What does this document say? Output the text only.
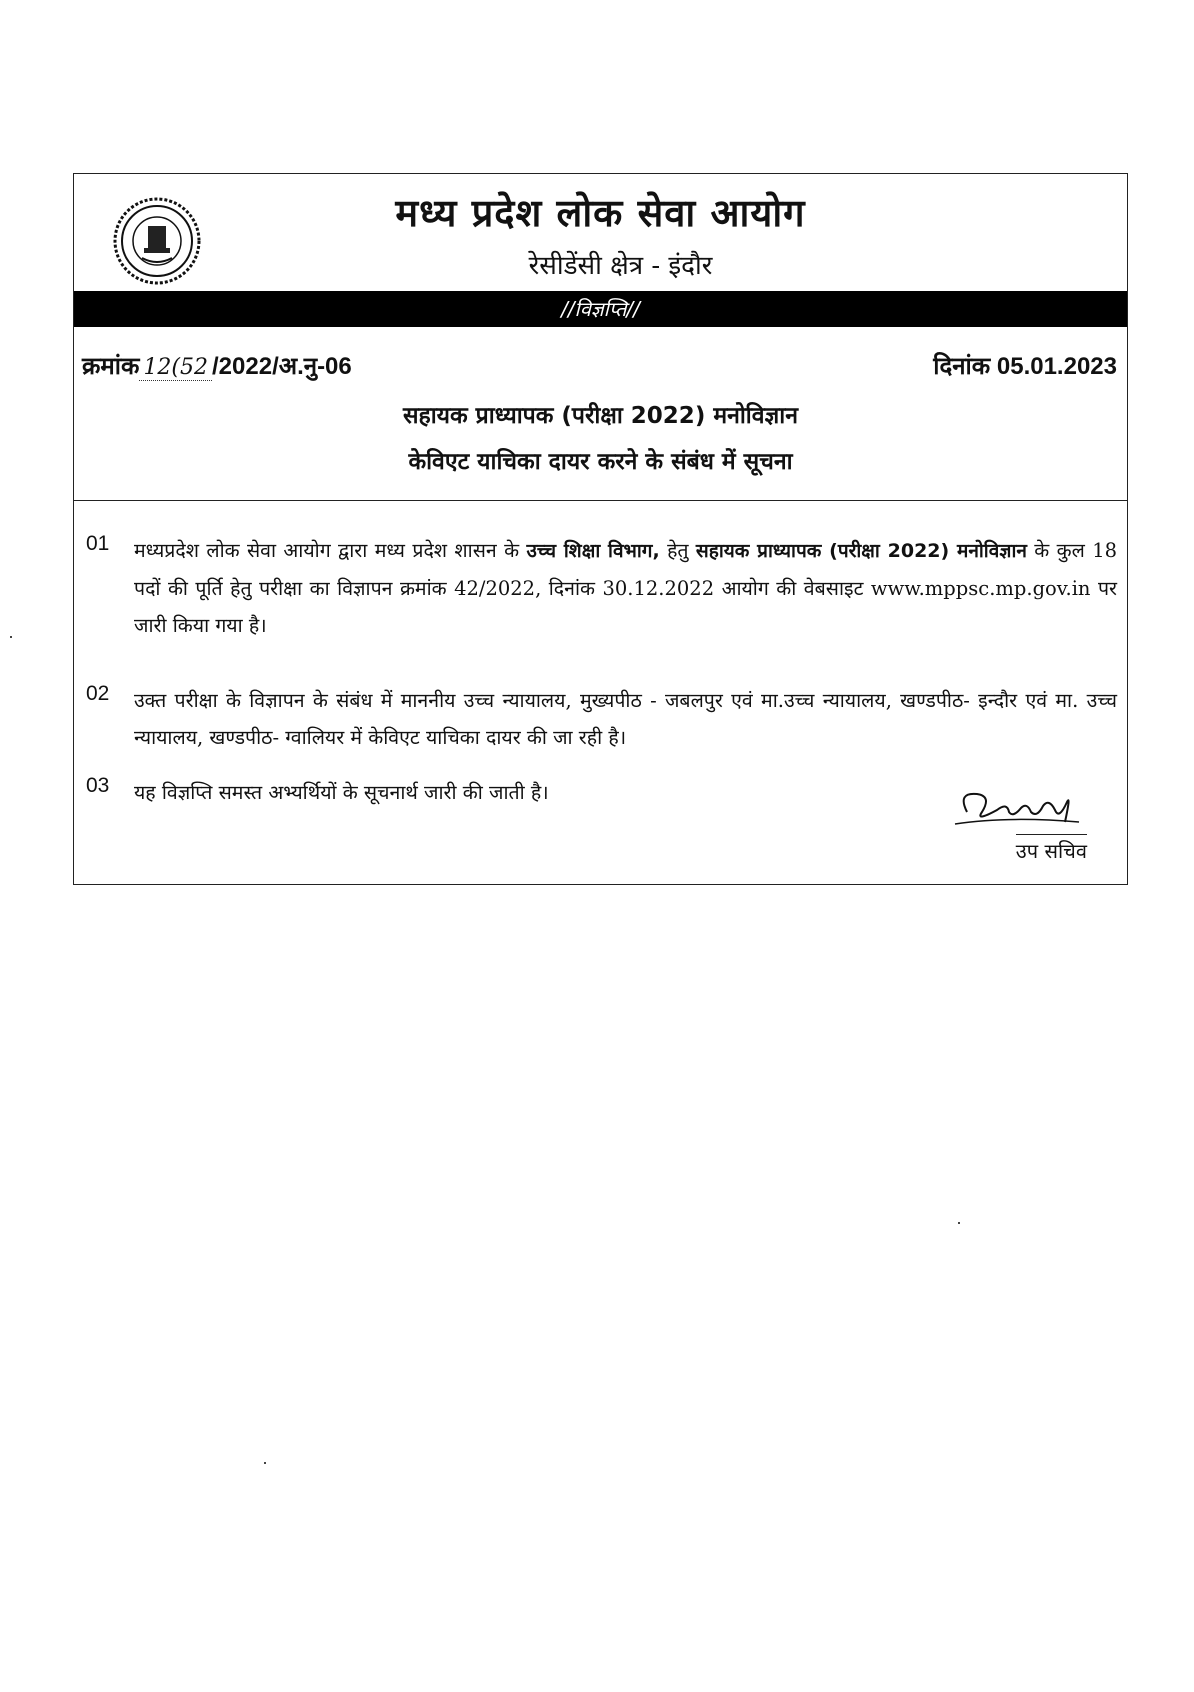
मध्य प्रदेश लोक सेवा आयोग
रेसीडेंसी क्षेत्र - इंदौर
//विज्ञप्ति//
क्रमांक 12(52 /2022/अ.नु-06	दिनांक 05.01.2023
सहायक प्राध्यापक (परीक्षा 2022) मनोविज्ञान
केविएट याचिका दायर करने के संबंध में सूचना
01 मध्यप्रदेश लोक सेवा आयोग द्वारा मध्य प्रदेश शासन के उच्च शिक्षा विभाग, हेतु सहायक प्राध्यापक (परीक्षा 2022) मनोविज्ञान के कुल 18 पदों की पूर्ति हेतु परीक्षा का विज्ञापन क्रमांक 42/2022, दिनांक 30.12.2022 आयोग की वेबसाइट www.mppsc.mp.gov.in पर जारी किया गया है।
02 उक्त परीक्षा के विज्ञापन के संबंध में माननीय उच्च न्यायालय, मुख्यपीठ - जबलपुर एवं मा.उच्च न्यायालय, खण्डपीठ- इन्दौर एवं मा. उच्च न्यायालय, खण्डपीठ- ग्वालियर में केविएट याचिका दायर की जा रही है।
03 यह विज्ञप्ति समस्त अभ्यर्थियों के सूचनार्थ जारी की जाती है।
उप सचिव
